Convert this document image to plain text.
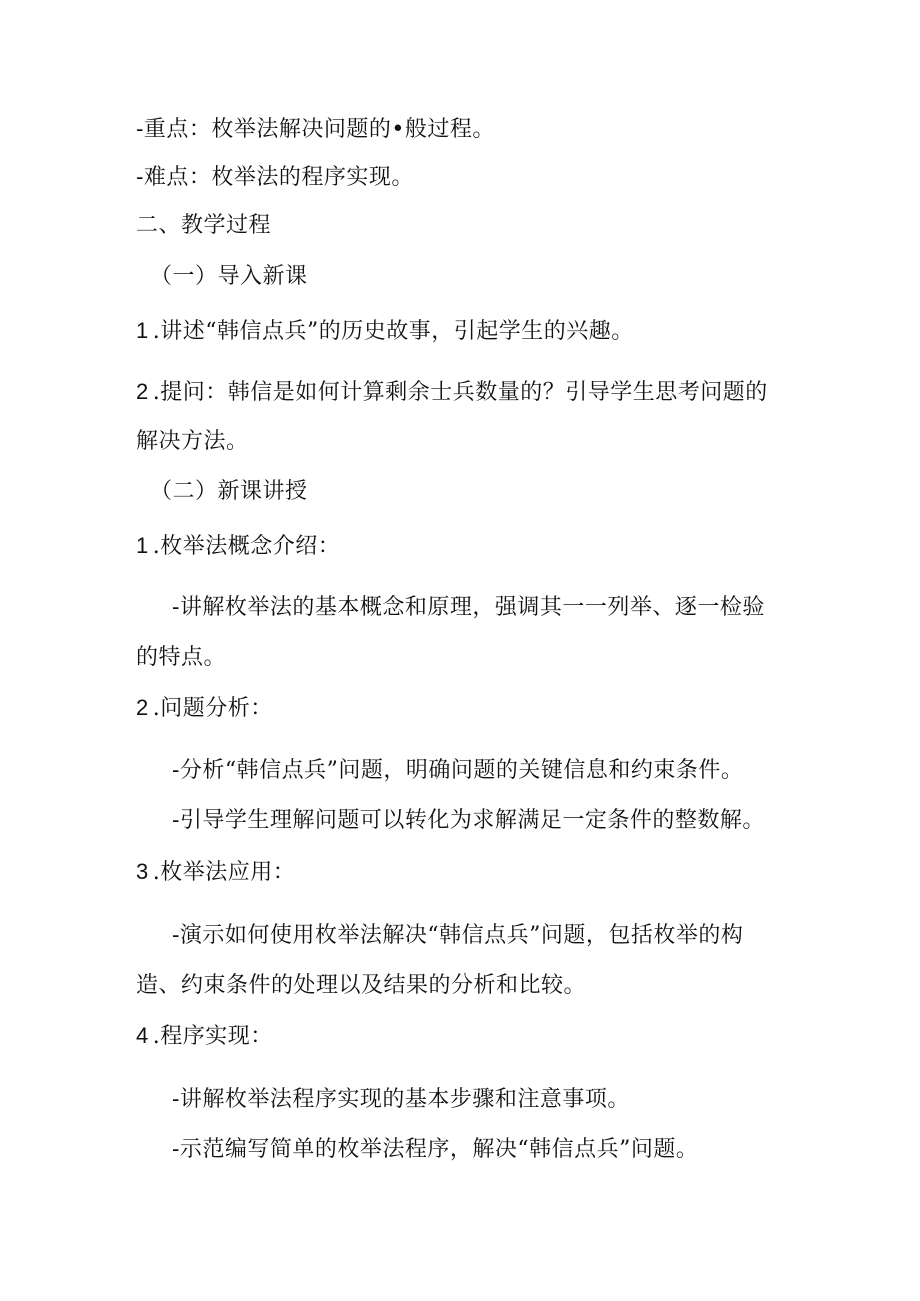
-重点：枚举法解决问题的•般过程。
-难点：枚举法的程序实现。
二、教学过程
（一）导入新课
1 .讲述“韩信点兵”的历史故事，引起学生的兴趣。
2 .提问：韩信是如何计算剩余士兵数量的？引导学生思考问题的
解决方法。
（二）新课讲授
1 .枚举法概念介绍：
-讲解枚举法的基本概念和原理，强调其一一列举、逐一检验
的特点。
2 .问题分析：
-分析“韩信点兵”问题，明确问题的关键信息和约束条件。
-引导学生理解问题可以转化为求解满足一定条件的整数解。
3 .枚举法应用：
-演示如何使用枚举法解决“韩信点兵”问题，包括枚举的构
造、约束条件的处理以及结果的分析和比较。
4 .程序实现：
-讲解枚举法程序实现的基本步骤和注意事项。
-示范编写简单的枚举法程序，解决“韩信点兵”问题。
